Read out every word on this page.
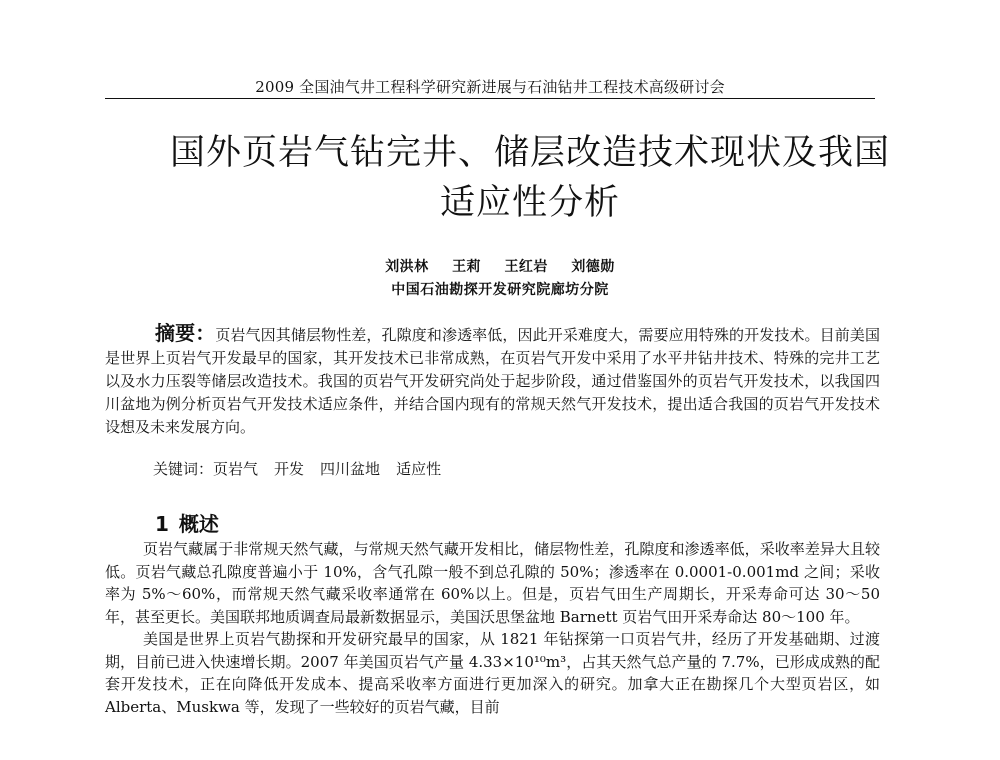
2009 全国油气井工程科学研究新进展与石油钻井工程技术高级研讨会
国外页岩气钻完井、储层改造技术现状及我国适应性分析
刘洪林 王莉 王红岩 刘德勋
中国石油勘探开发研究院廊坊分院
摘要：页岩气因其储层物性差，孔隙度和渗透率低，因此开采难度大，需要应用特殊的开发技术。目前美国是世界上页岩气开发最早的国家，其开发技术已非常成熟，在页岩气开发中采用了水平井钻井技术、特殊的完井工艺以及水力压裂等储层改造技术。我国的页岩气开发研究尚处于起步阶段，通过借鉴国外的页岩气开发技术，以我国四川盆地为例分析页岩气开发技术适应条件，并结合国内现有的常规天然气开发技术，提出适合我国的页岩气开发技术设想及未来发展方向。
关键词：页岩气 开发 四川盆地 适应性
1 概述

页岩气藏属于非常规天然气藏，与常规天然气藏开发相比，储层物性差，孔隙度和渗透率低，采收率差异大且较低。页岩气藏总孔隙度普遍小于 10%，含气孔隙一般不到总孔隙的 50%；渗透率在 0.0001-0.001md 之间；采收率为 5%～60%，而常规天然气藏采收率通常在 60%以上。但是，页岩气田生产周期长，开采寿命可达 30～50 年，甚至更长。美国联邦地质调查局最新数据显示，美国沃思堡盆地 Barnett 页岩气田开采寿命达 80～100 年。

美国是世界上页岩气勘探和开发研究最早的国家，从 1821 年钻探第一口页岩气井，经历了开发基础期、过渡期，目前已进入快速增长期。2007 年美国页岩气产量 4.33×10¹⁰m³，占其天然气总产量的 7.7%，已形成成熟的配套开发技术，正在向降低开发成本、提高采收率方面进行更加深入的研究。加拿大正在勘探几个大型页岩区，如 Alberta、Muskwa 等，发现了一些较好的页岩气藏，目前
